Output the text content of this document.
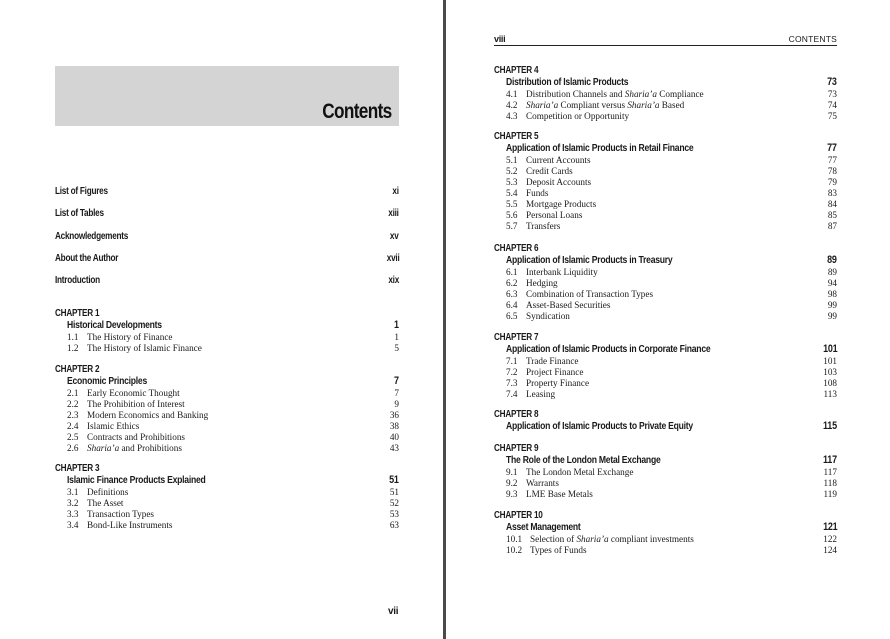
Contents
List of Figures	xi
List of Tables	xiii
Acknowledgements	xv
About the Author	xvii
Introduction	xix
CHAPTER 1
Historical Developments	1
1.1 The History of Finance	1
1.2 The History of Islamic Finance	5
CHAPTER 2
Economic Principles	7
2.1 Early Economic Thought	7
2.2 The Prohibition of Interest	9
2.3 Modern Economics and Banking	36
2.4 Islamic Ethics	38
2.5 Contracts and Prohibitions	40
2.6 Sharia’a and Prohibitions	43
CHAPTER 3
Islamic Finance Products Explained	51
3.1 Definitions	51
3.2 The Asset	52
3.3 Transaction Types	53
3.4 Bond-Like Instruments	63
vii
viii	CONTENTS
CHAPTER 4
Distribution of Islamic Products	73
4.1 Distribution Channels and Sharia’a Compliance	73
4.2 Sharia’a Compliant versus Sharia’a Based	74
4.3 Competition or Opportunity	75
CHAPTER 5
Application of Islamic Products in Retail Finance	77
5.1 Current Accounts	77
5.2 Credit Cards	78
5.3 Deposit Accounts	79
5.4 Funds	83
5.5 Mortgage Products	84
5.6 Personal Loans	85
5.7 Transfers	87
CHAPTER 6
Application of Islamic Products in Treasury	89
6.1 Interbank Liquidity	89
6.2 Hedging	94
6.3 Combination of Transaction Types	98
6.4 Asset-Based Securities	99
6.5 Syndication	99
CHAPTER 7
Application of Islamic Products in Corporate Finance	101
7.1 Trade Finance	101
7.2 Project Finance	103
7.3 Property Finance	108
7.4 Leasing	113
CHAPTER 8
Application of Islamic Products to Private Equity	115
CHAPTER 9
The Role of the London Metal Exchange	117
9.1 The London Metal Exchange	117
9.2 Warrants	118
9.3 LME Base Metals	119
CHAPTER 10
Asset Management	121
10.1 Selection of Sharia’a compliant investments	122
10.2 Types of Funds	124
